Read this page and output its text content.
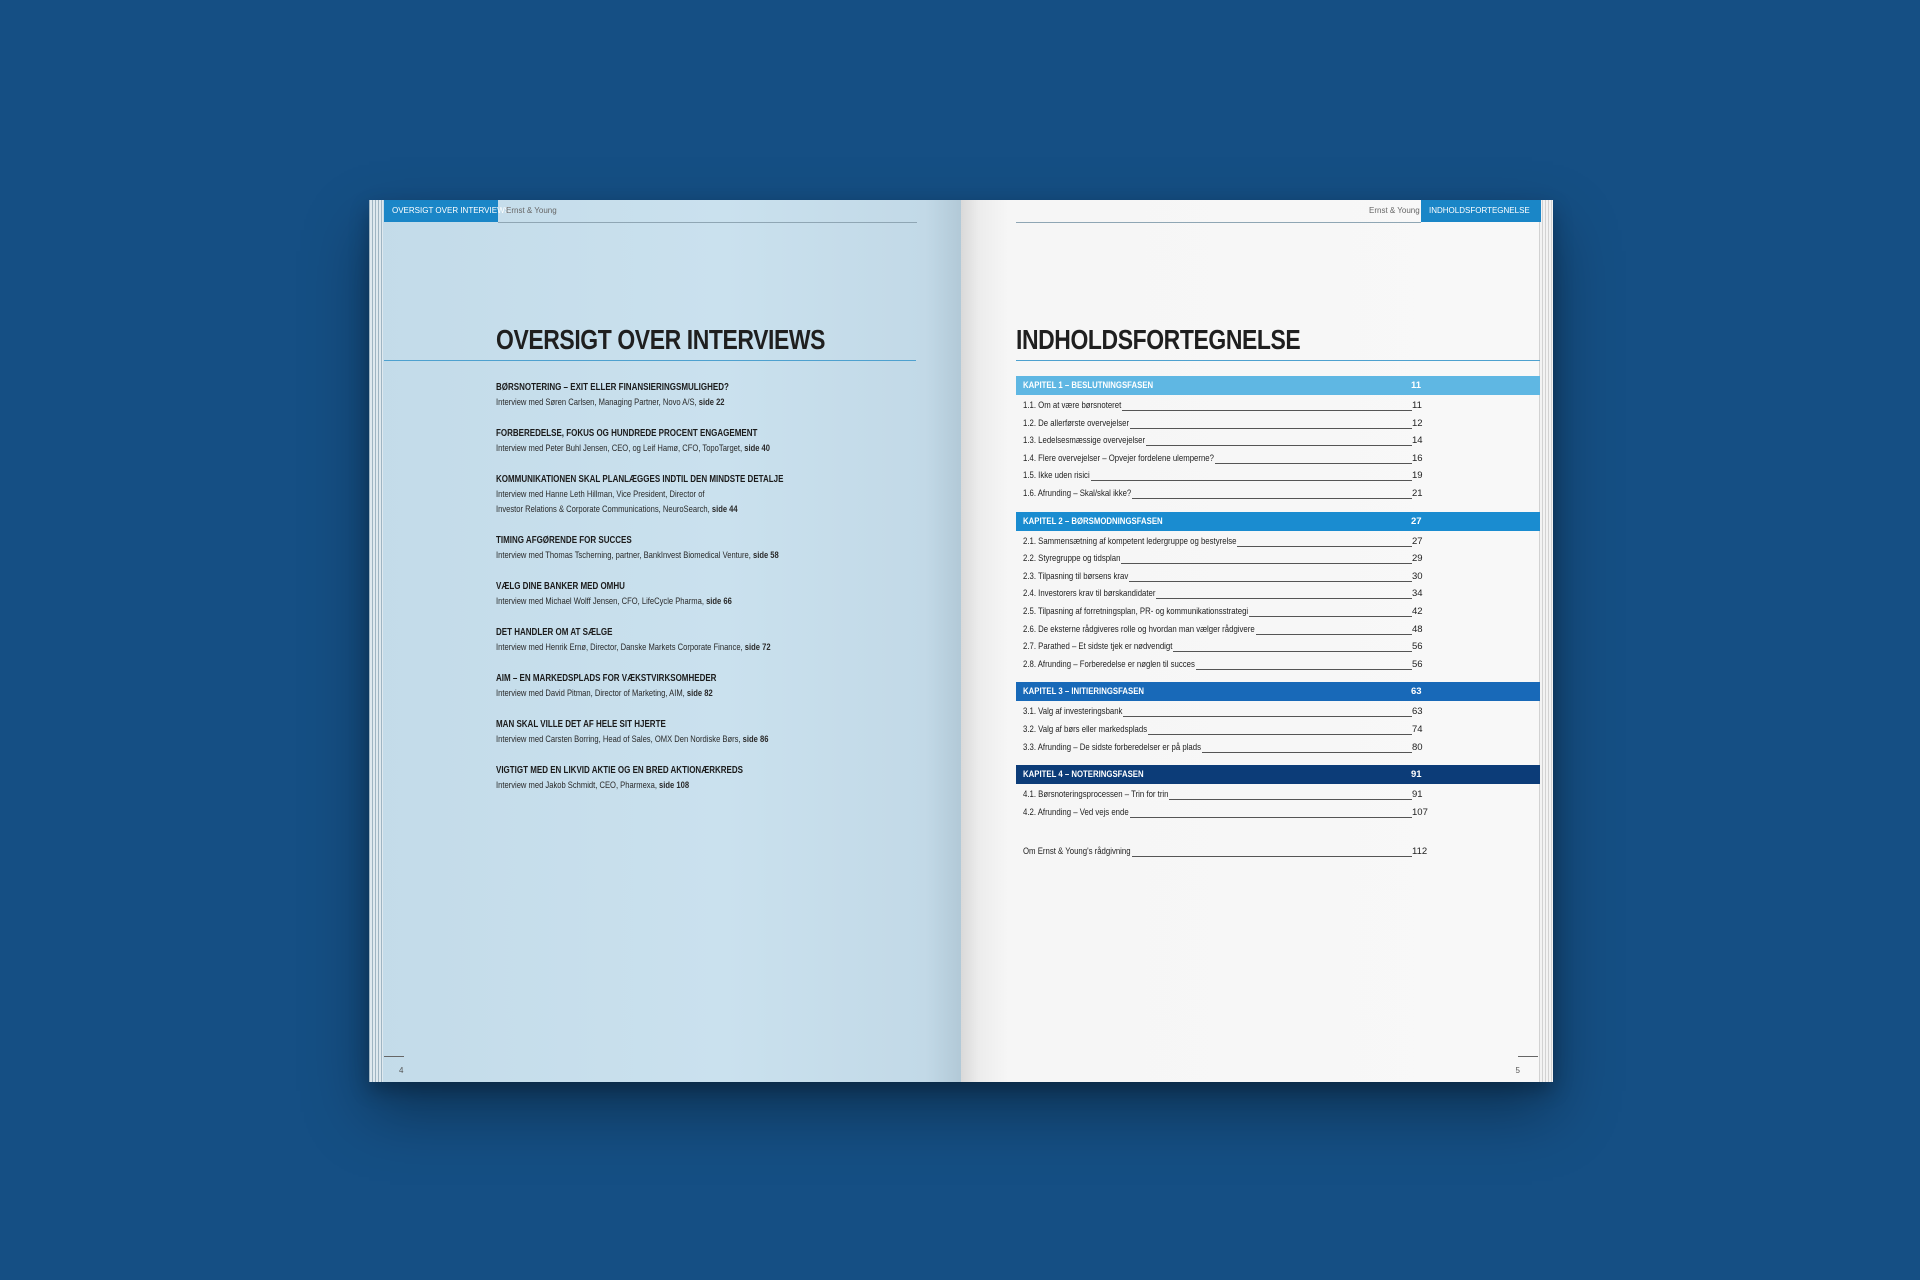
OVERSIGT OVER INTERVIEWS
Ernst & Young
OVERSIGT OVER INTERVIEWS
BØRSNOTERING – EXIT ELLER FINANSIERINGSMULIGHED?
Interview med Søren Carlsen, Managing Partner, Novo A/S, side 22
FORBEREDELSE, FOKUS OG HUNDREDE PROCENT ENGAGEMENT
Interview med Peter Buhl Jensen, CEO, og Leif Hamø, CFO, TopoTarget, side 40
KOMMUNIKATIONEN SKAL PLANLÆGGES INDTIL DEN MINDSTE DETALJE
Interview med Hanne Leth Hillman, Vice President, Director of
Investor Relations & Corporate Communications, NeuroSearch, side 44
TIMING AFGØRENDE FOR SUCCES
Interview med Thomas Tscherning, partner, BankInvest Biomedical Venture, side 58
VÆLG DINE BANKER MED OMHU
Interview med Michael Wolff Jensen, CFO, LifeCycle Pharma, side 66
DET HANDLER OM AT SÆLGE
Interview med Henrik Ernø, Director, Danske Markets Corporate Finance, side 72
AIM – EN MARKEDSPLADS FOR VÆKSTVIRKSOMHEDER
Interview med David Pitman, Director of Marketing, AIM, side 82
MAN SKAL VILLE DET AF HELE SIT HJERTE
Interview med Carsten Borring, Head of Sales, OMX Den Nordiske Børs, side 86
VIGTIGT MED EN LIKVID AKTIE OG EN BRED AKTIONÆRKREDS
Interview med Jakob Schmidt, CEO, Pharmexa, side 108
4
Ernst & Young	INDHOLDSFORTEGNELSE
INDHOLDSFORTEGNELSE
KAPITEL 1 – BESLUTNINGSFASEN	11
1.1. Om at være børsnoteret	11
1.2. De allerførste overvejelser	12
1.3. Ledelsesmæssige overvejelser	14
1.4. Flere overvejelser – Opvejer fordelene ulemperne?	16
1.5. Ikke uden risici	19
1.6. Afrunding – Skal/skal ikke?	21
KAPITEL 2 – BØRSMODNINGSFASEN	27
2.1. Sammensætning af kompetent ledergruppe og bestyrelse	27
2.2. Styregruppe og tidsplan	29
2.3. Tilpasning til børsens krav	30
2.4. Investorers krav til børskandidater	34
2.5. Tilpasning af forretningsplan, PR- og kommunikationsstrategi	42
2.6. De eksterne rådgiveres rolle og hvordan man vælger rådgivere	48
2.7. Parathed – Et sidste tjek er nødvendigt	56
2.8. Afrunding – Forberedelse er nøglen til succes	56
KAPITEL 3 – INITIERINGSFASEN	63
3.1. Valg af investeringsbank	63
3.2. Valg af børs eller markedsplads	74
3.3. Afrunding – De sidste forberedelser er på plads	80
KAPITEL 4 – NOTERINGSFASEN	91
4.1. Børsnoteringsprocessen – Trin for trin	91
4.2. Afrunding – Ved vejs ende	107
Om Ernst & Young's rådgivning	112
5
